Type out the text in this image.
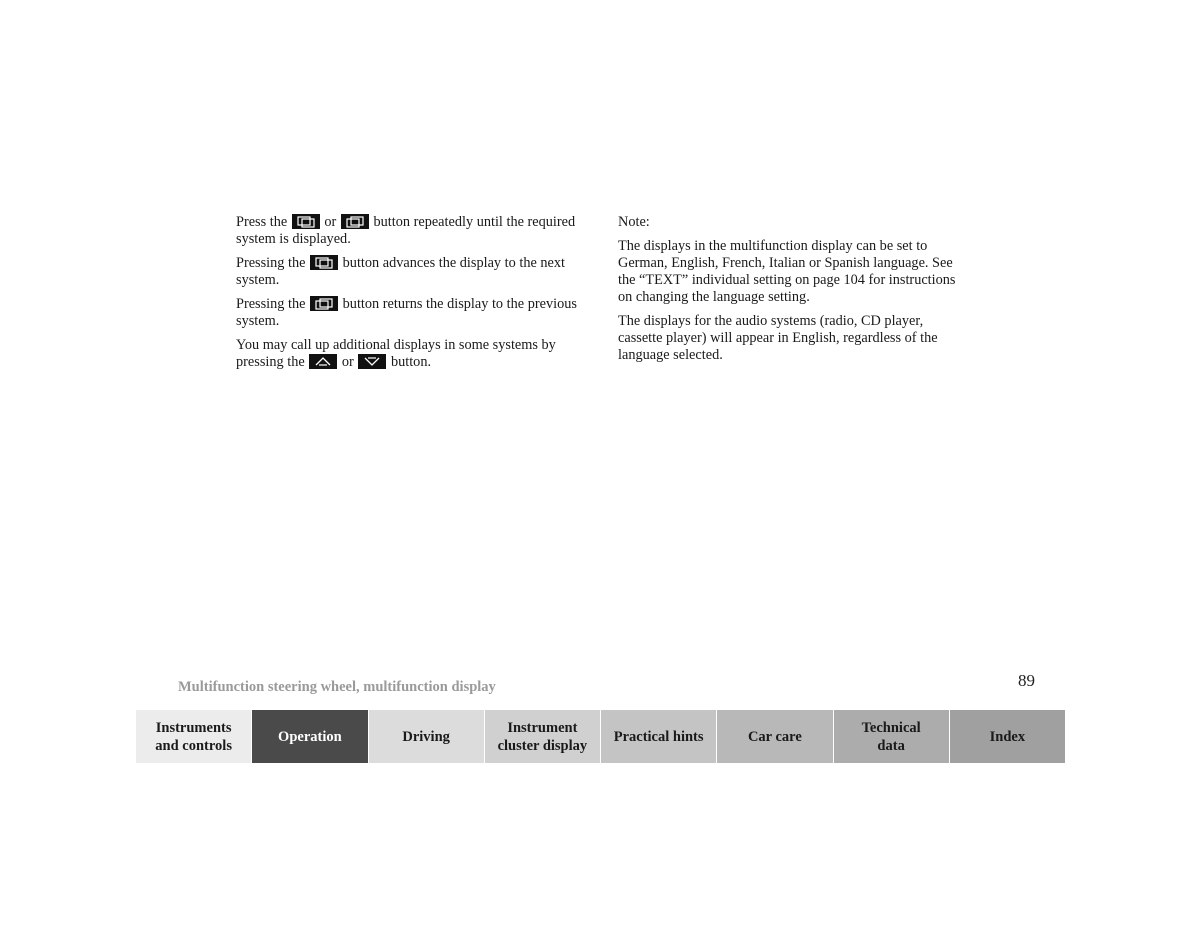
Press the	or	button repeatedly until the required system is displayed.

Pressing the	button advances the display to the next system.

Pressing the	button returns the display to the previous system.

You may call up additional displays in some systems by pressing the	or	button.

Note:

The displays in the multifunction display can be set to German, English, French, Italian or Spanish language. See the “TEXT” individual setting on page 104 for instructions on changing the language setting.

The displays for the audio systems (radio, CD player, cassette player) will appear in English, regardless of the language selected.

Multifunction steering wheel, multifunction display	89
Instruments
and controls
Operation	Driving
Instrument
cluster display
Practical hints	Car care
Technical
data
Index
